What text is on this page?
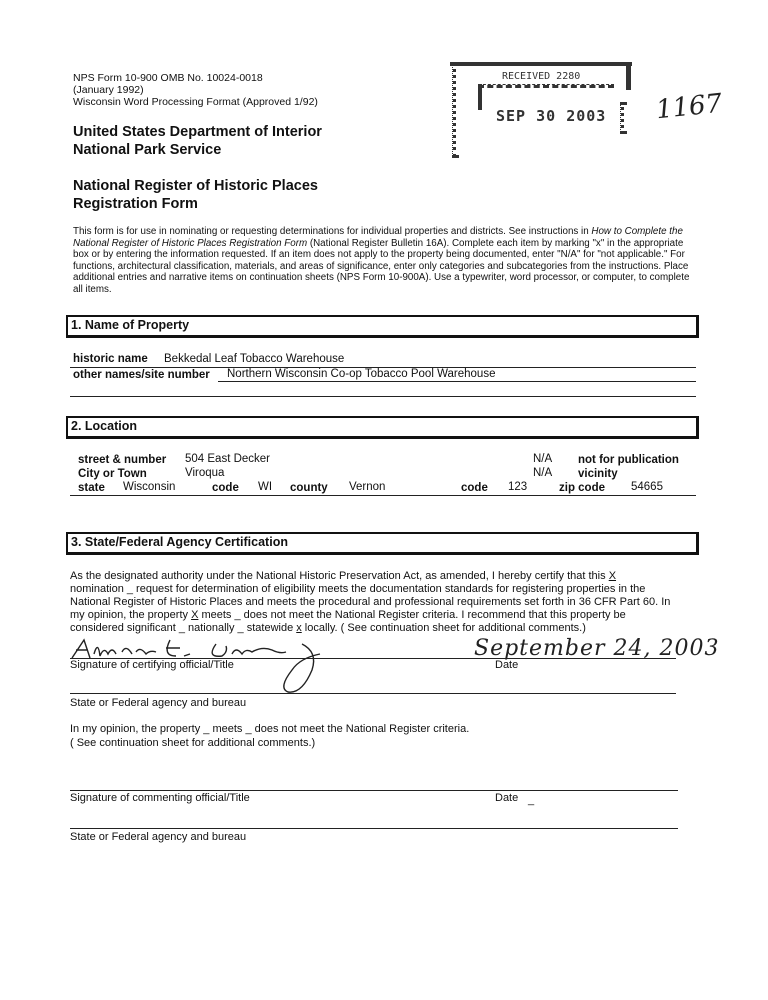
NPS Form 10-900 OMB No. 10024-0018
(January 1992)
Wisconsin Word Processing Format (Approved 1/92)
United States Department of Interior
National Park Service
National Register of Historic Places
Registration Form
RECEIVED 2280
SEP 30 2003 1167
This form is for use in nominating or requesting determinations for individual properties and districts. See instructions in How to Complete the National Register of Historic Places Registration Form (National Register Bulletin 16A). Complete each item by marking "x" in the appropriate box or by entering the information requested. If an item does not apply to the property being documented, enter "N/A" for "not applicable." For functions, architectural classification, materials, and areas of significance, enter only categories and subcategories from the instructions. Place additional entries and narrative items on continuation sheets (NPS Form 10-900A). Use a typewriter, word processor, or computer, to complete all items.
1. Name of Property
historic name Bekkedal Leaf Tobacco Warehouse
other names/site number Northern Wisconsin Co-op Tobacco Pool Warehouse
2. Location
street & number 504 East Decker	N/A not for publication
City or Town	Viroqua	N/A vicinity
state Wisconsin	code WI county Vernon	code 123	zip code 54665
3. State/Federal Agency Certification
As the designated authority under the National Historic Preservation Act, as amended, I hereby certify that this X
nomination _ request for determination of eligibility meets the documentation standards for registering properties in the
National Register of Historic Places and meets the procedural and professional requirements set forth in 36 CFR Part 60. In
my opinion, the property X meets _ does not meet the National Register criteria. I recommend that this property be
considered significant _ nationally _ statewide x locally. ( See continuation sheet for additional comments.)
September 24, 2003
Signature of certifying official/Title	Date
State or Federal agency and bureau
In my opinion, the property _ meets _ does not meet the National Register criteria.
( See continuation sheet for additional comments.)
Signature of commenting official/Title	Date _
State or Federal agency and bureau
